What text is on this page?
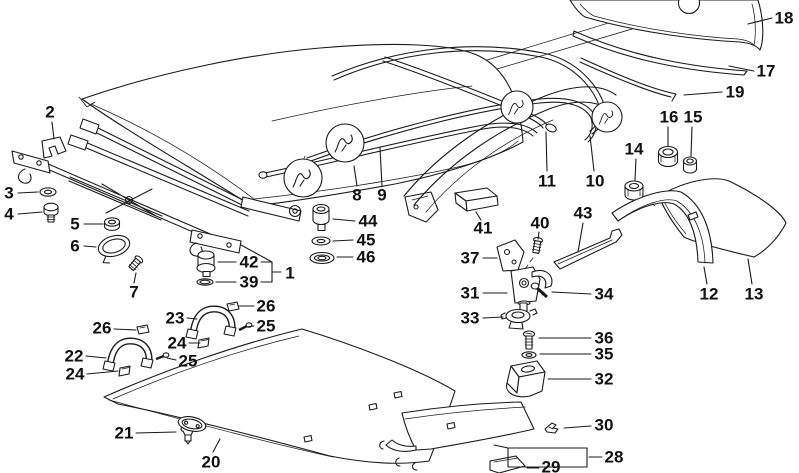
1
2
3
4
5
6
7
8 9
10
11
12 13
14
15
16
17
18
19
20
21
22
23
24
24
25
25
26
26
28
29
30
31
32
33
34
35
36
37
39
40
41
42
43
44
45
46
